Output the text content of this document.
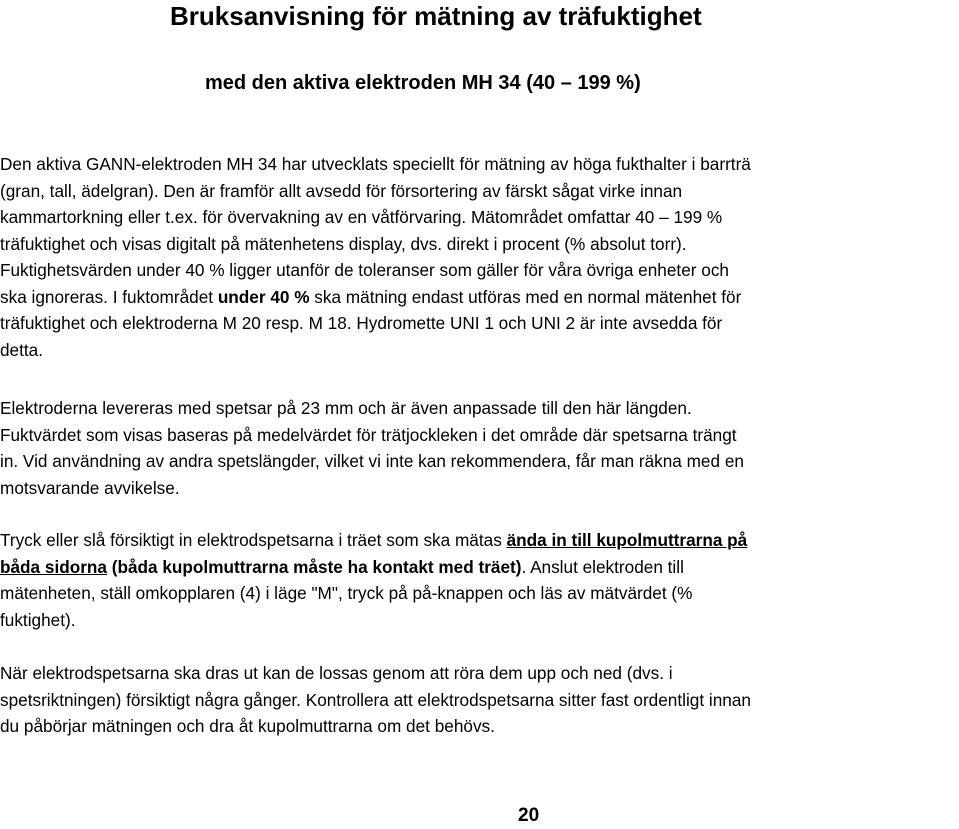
Bruksanvisning för mätning av träfuktighet
med den aktiva elektroden MH 34 (40 – 199 %)

Den aktiva GANN-elektroden MH 34 har utvecklats speciellt för mätning av höga fukthalter i barrträ
(gran, tall, ädelgran). Den är framför allt avsedd för försortering av färskt sågat virke innan
kammartorkning eller t.ex. för övervakning av en våtförvaring. Mätområdet omfattar 40 – 199 %
träfuktighet och visas digitalt på mätenhetens display, dvs. direkt i procent (% absolut torr).
Fuktighetsvärden under 40 % ligger utanför de toleranser som gäller för våra övriga enheter och
ska ignoreras. I fuktområdet under 40 % ska mätning endast utföras med en normal mätenhet för
träfuktighet och elektroderna M 20 resp. M 18. Hydromette UNI 1 och UNI 2 är inte avsedda för
detta.

Elektroderna levereras med spetsar på 23 mm och är även anpassade till den här längden.
Fuktvärdet som visas baseras på medelvärdet för trätjockleken i det område där spetsarna trängt
in. Vid användning av andra spetslängder, vilket vi inte kan rekommendera, får man räkna med en
motsvarande avvikelse.

Tryck eller slå försiktigt in elektrodspetsarna i träet som ska mätas ända in till kupolmuttrarna på
båda sidorna (båda kupolmuttrarna måste ha kontakt med träet). Anslut elektroden till
mätenheten, ställ omkopplaren (4) i läge "M", tryck på på-knappen och läs av mätvärdet (%
fuktighet).

När elektrodspetsarna ska dras ut kan de lossas genom att röra dem upp och ned (dvs. i
spetsriktningen) försiktigt några gånger. Kontrollera att elektrodspetsarna sitter fast ordentligt innan
du påbörjar mätningen och dra åt kupolmuttrarna om det behövs.

20
